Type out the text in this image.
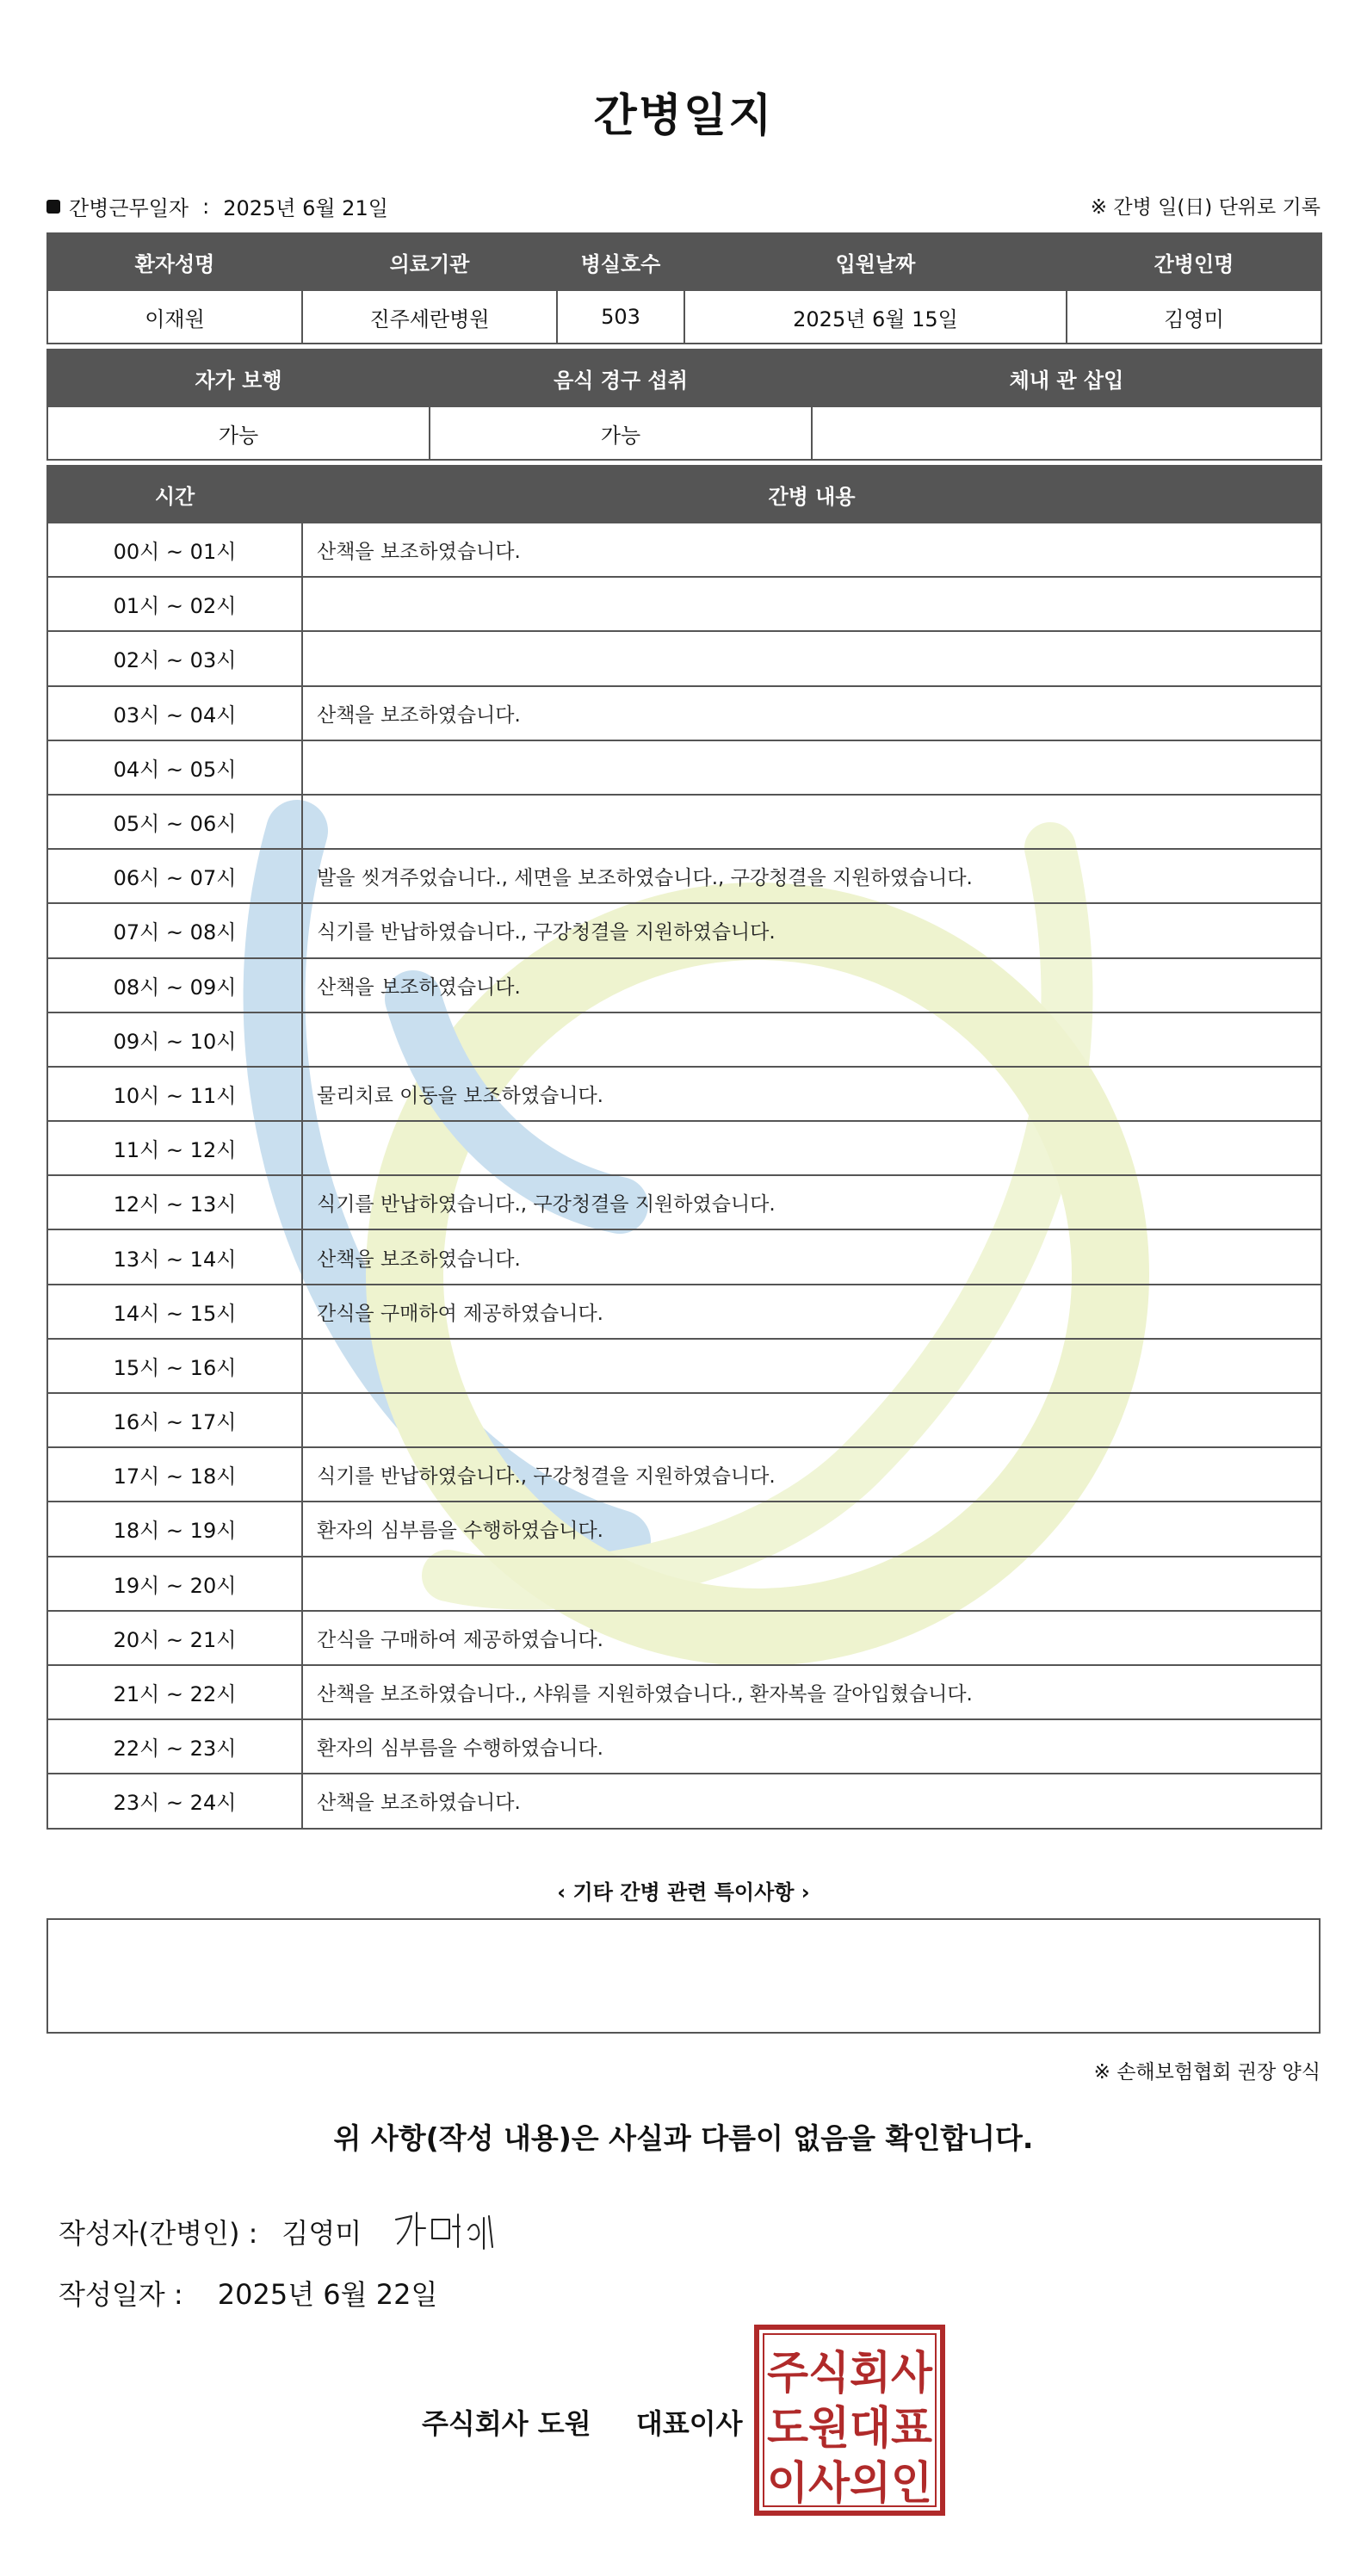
간병일지
간병근무일자 : 2025년 6월 21일	※ 간병 일(日) 단위로 기록
환자성명	의료기관	병실호수	입원날짜	간병인명
이재원	진주세란병원	503	2025년 6월 15일	김영미
자가 보행	음식 경구 섭취	체내 관 삽입
가능	가능	
시간	간병 내용
00시 ~ 01시	산책을 보조하였습니다.
01시 ~ 02시	
02시 ~ 03시	
03시 ~ 04시	산책을 보조하였습니다.
04시 ~ 05시	
05시 ~ 06시	
06시 ~ 07시	발을 씻겨주었습니다., 세면을 보조하였습니다., 구강청결을 지원하였습니다.
07시 ~ 08시	식기를 반납하였습니다., 구강청결을 지원하였습니다.
08시 ~ 09시	산책을 보조하였습니다.
09시 ~ 10시	
10시 ~ 11시	물리치료 이동을 보조하였습니다.
11시 ~ 12시	
12시 ~ 13시	식기를 반납하였습니다., 구강청결을 지원하였습니다.
13시 ~ 14시	산책을 보조하였습니다.
14시 ~ 15시	간식을 구매하여 제공하였습니다.
15시 ~ 16시	
16시 ~ 17시	
17시 ~ 18시	식기를 반납하였습니다., 구강청결을 지원하였습니다.
18시 ~ 19시	환자의 심부름을 수행하였습니다.
19시 ~ 20시	
20시 ~ 21시	간식을 구매하여 제공하였습니다.
21시 ~ 22시	산책을 보조하였습니다., 샤워를 지원하였습니다., 환자복을 갈아입혔습니다.
22시 ~ 23시	환자의 심부름을 수행하였습니다.
23시 ~ 24시	산책을 보조하였습니다.
‹ 기타 간병 관련 특이사항 ›
※ 손해보험협회 권장 양식
위 사항(작성 내용)은 사실과 다름이 없음을 확인합니다.
작성자(간병인) : 김영미
작성일자 : 2025년 6월 22일
주식회사 도원 대표이사
주식회사
도원대표
이사의인
